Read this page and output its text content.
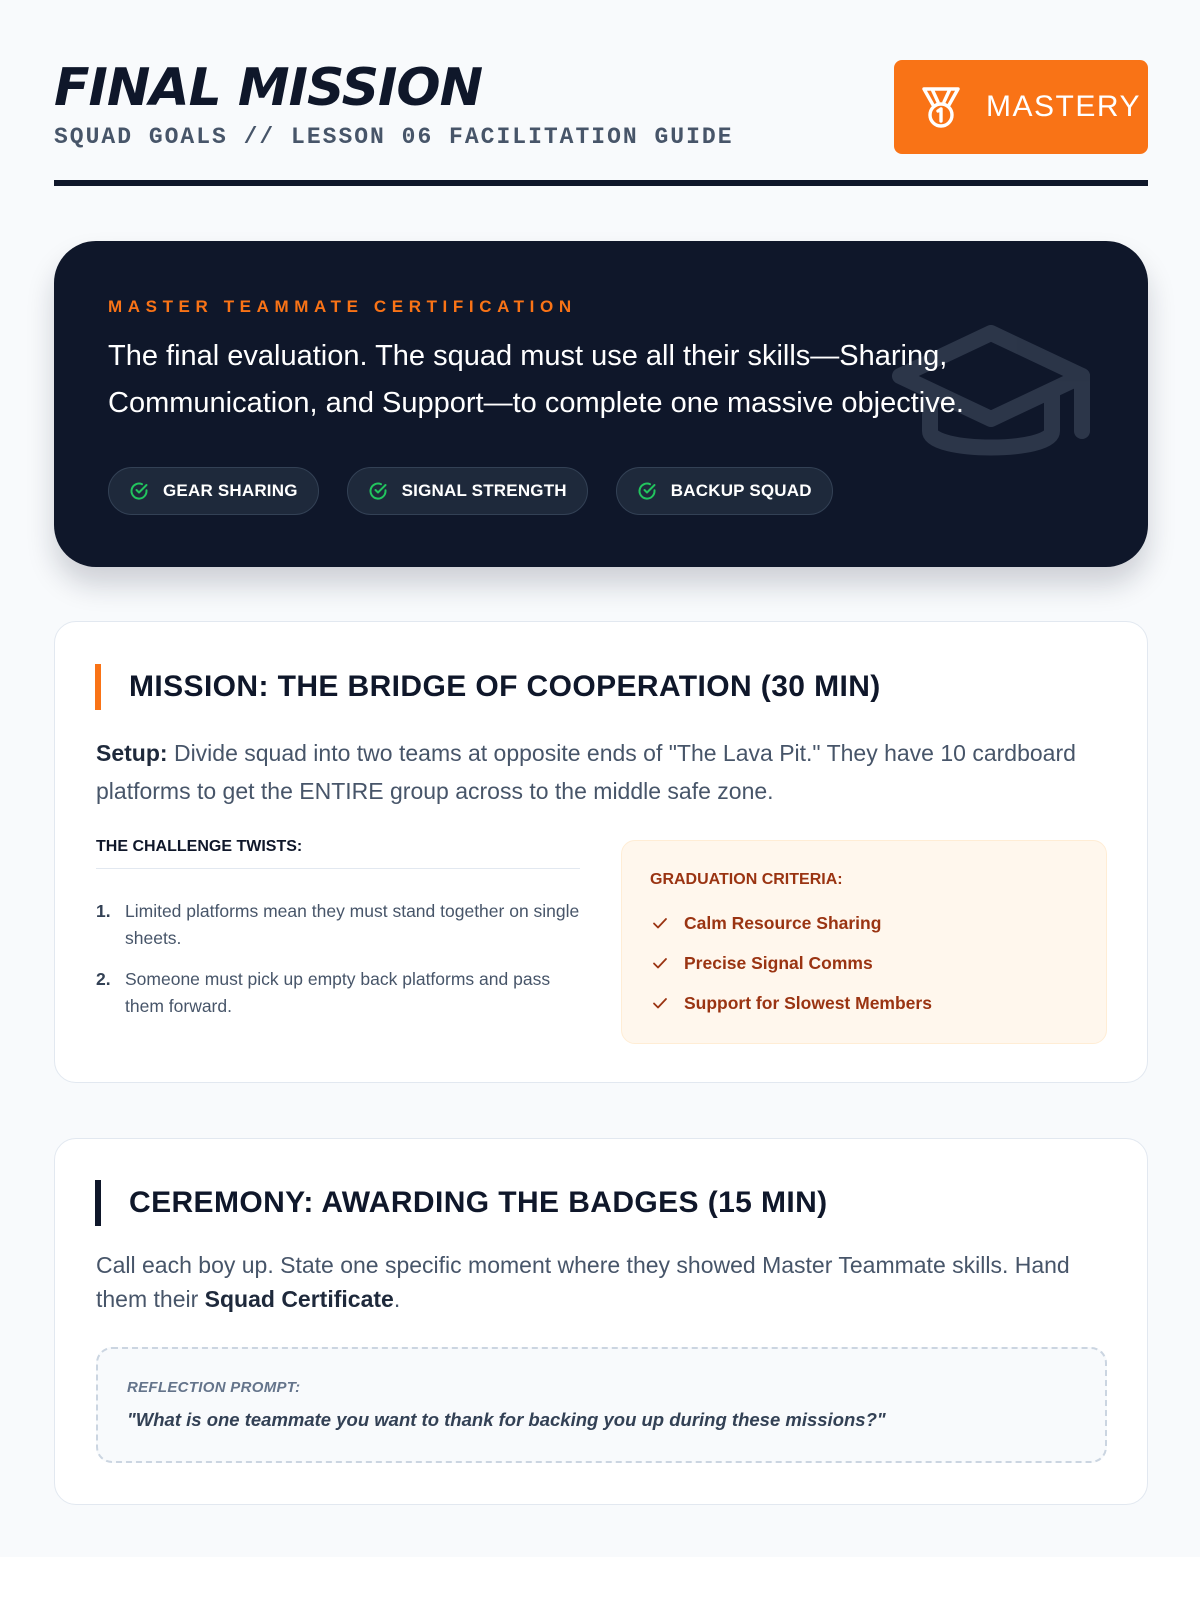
FINAL MISSION
SQUAD GOALS // LESSON 06 FACILITATION GUIDE
MASTERY
MASTER TEAMMATE CERTIFICATION

The final evaluation. The squad must use all their skills—Sharing, Communication, and Support—to complete one massive objective.

GEAR SHARING	SIGNAL STRENGTH	BACKUP SQUAD
MISSION: THE BRIDGE OF COOPERATION (30 MIN)

Setup: Divide squad into two teams at opposite ends of "The Lava Pit." They have 10 cardboard platforms to get the ENTIRE group across to the middle safe zone.

THE CHALLENGE TWISTS:
1. Limited platforms mean they must stand together on single sheets.
2. Someone must pick up empty back platforms and pass them forward.
GRADUATION CRITERIA:
Calm Resource Sharing
Precise Signal Comms
Support for Slowest Members
CEREMONY: AWARDING THE BADGES (15 MIN)

Call each boy up. State one specific moment where they showed Master Teammate skills. Hand them their Squad Certificate.

REFLECTION PROMPT:
"What is one teammate you want to thank for backing you up during these missions?"
